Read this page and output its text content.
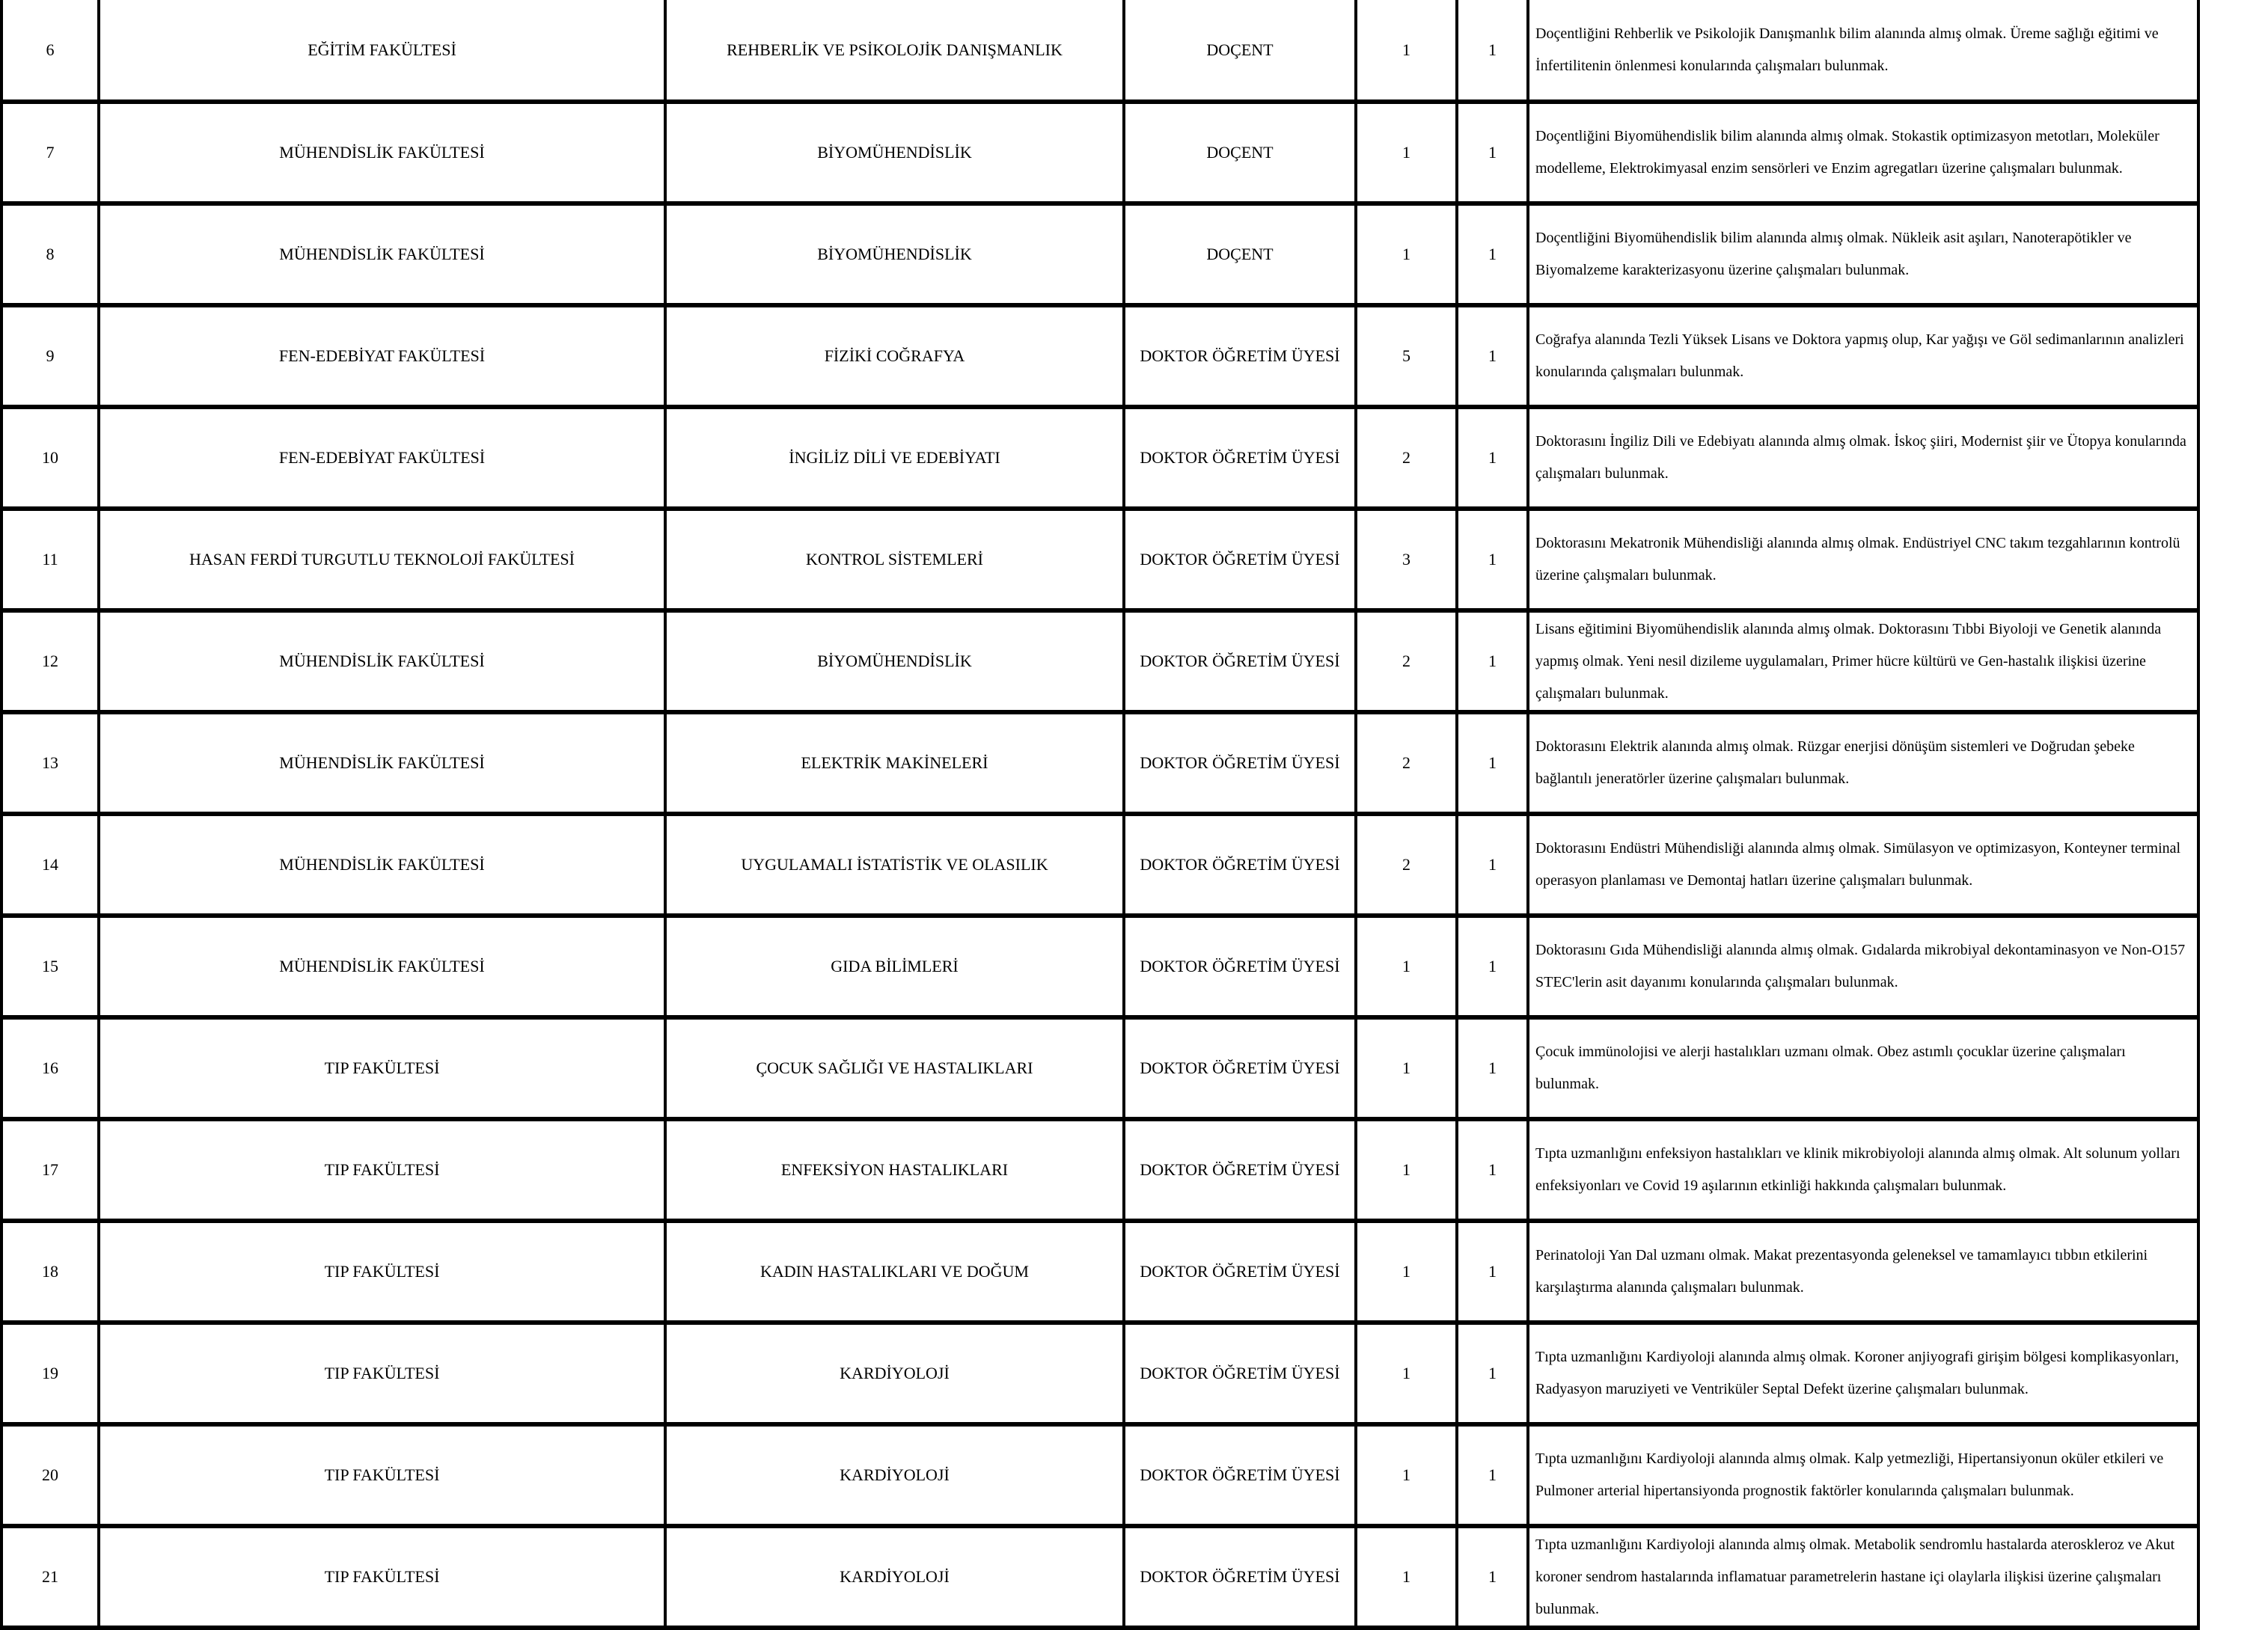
6	EĞİTİM FAKÜLTESİ	REHBERLİK VE PSİKOLOJİK DANIŞMANLIK	DOÇENT	1	1	Doçentliğini Rehberlik ve Psikolojik Danışmanlık bilim alanında almış olmak. Üreme sağlığı eğitimi ve İnfertilitenin önlenmesi konularında çalışmaları bulunmak.
7	MÜHENDİSLİK FAKÜLTESİ	BİYOMÜHENDİSLİK	DOÇENT	1	1	Doçentliğini Biyomühendislik bilim alanında almış olmak. Stokastik optimizasyon metotları, Moleküler modelleme, Elektrokimyasal enzim sensörleri ve Enzim agregatları üzerine çalışmaları bulunmak.
8	MÜHENDİSLİK FAKÜLTESİ	BİYOMÜHENDİSLİK	DOÇENT	1	1	Doçentliğini Biyomühendislik bilim alanında almış olmak. Nükleik asit aşıları, Nanoterapötikler ve Biyomalzeme karakterizasyonu üzerine çalışmaları bulunmak.
9	FEN-EDEBİYAT FAKÜLTESİ	FİZİKİ COĞRAFYA	DOKTOR ÖĞRETİM ÜYESİ	5	1	Coğrafya alanında Tezli Yüksek Lisans ve Doktora yapmış olup, Kar yağışı ve Göl sedimanlarının analizleri konularında çalışmaları bulunmak.
10	FEN-EDEBİYAT FAKÜLTESİ	İNGİLİZ DİLİ VE EDEBİYATI	DOKTOR ÖĞRETİM ÜYESİ	2	1	Doktorasını İngiliz Dili ve Edebiyatı alanında almış olmak. İskoç şiiri, Modernist şiir ve Ütopya konularında çalışmaları bulunmak.
11	HASAN FERDİ TURGUTLU TEKNOLOJİ FAKÜLTESİ	KONTROL SİSTEMLERİ	DOKTOR ÖĞRETİM ÜYESİ	3	1	Doktorasını Mekatronik Mühendisliği alanında almış olmak. Endüstriyel CNC takım tezgahlarının kontrolü üzerine çalışmaları bulunmak.
12	MÜHENDİSLİK FAKÜLTESİ	BİYOMÜHENDİSLİK	DOKTOR ÖĞRETİM ÜYESİ	2	1	Lisans eğitimini Biyomühendislik alanında almış olmak. Doktorasını Tıbbi Biyoloji ve Genetik alanında yapmış olmak. Yeni nesil dizileme uygulamaları, Primer hücre kültürü ve Gen-hastalık ilişkisi üzerine çalışmaları bulunmak.
13	MÜHENDİSLİK FAKÜLTESİ	ELEKTRİK MAKİNELERİ	DOKTOR ÖĞRETİM ÜYESİ	2	1	Doktorasını Elektrik alanında almış olmak. Rüzgar enerjisi dönüşüm sistemleri ve Doğrudan şebeke bağlantılı jeneratörler üzerine çalışmaları bulunmak.
14	MÜHENDİSLİK FAKÜLTESİ	UYGULAMALI İSTATİSTİK VE OLASILIK	DOKTOR ÖĞRETİM ÜYESİ	2	1	Doktorasını Endüstri Mühendisliği alanında almış olmak. Simülasyon ve optimizasyon, Konteyner terminal operasyon planlaması ve Demontaj hatları üzerine çalışmaları bulunmak.
15	MÜHENDİSLİK FAKÜLTESİ	GIDA BİLİMLERİ	DOKTOR ÖĞRETİM ÜYESİ	1	1	Doktorasını Gıda Mühendisliği alanında almış olmak. Gıdalarda mikrobiyal dekontaminasyon ve Non-O157 STEC'lerin asit dayanımı konularında çalışmaları bulunmak.
16	TIP FAKÜLTESİ	ÇOCUK SAĞLIĞI VE HASTALIKLARI	DOKTOR ÖĞRETİM ÜYESİ	1	1	Çocuk immünolojisi ve alerji hastalıkları uzmanı olmak. Obez astımlı çocuklar üzerine çalışmaları bulunmak.
17	TIP FAKÜLTESİ	ENFEKSİYON HASTALIKLARI	DOKTOR ÖĞRETİM ÜYESİ	1	1	Tıpta uzmanlığını enfeksiyon hastalıkları ve klinik mikrobiyoloji alanında almış olmak. Alt solunum yolları enfeksiyonları ve Covid 19 aşılarının etkinliği hakkında çalışmaları bulunmak.
18	TIP FAKÜLTESİ	KADIN HASTALIKLARI VE DOĞUM	DOKTOR ÖĞRETİM ÜYESİ	1	1	Perinatoloji Yan Dal uzmanı olmak. Makat prezentasyonda geleneksel ve tamamlayıcı tıbbın etkilerini karşılaştırma alanında çalışmaları bulunmak.
19	TIP FAKÜLTESİ	KARDİYOLOJİ	DOKTOR ÖĞRETİM ÜYESİ	1	1	Tıpta uzmanlığını Kardiyoloji alanında almış olmak. Koroner anjiyografi girişim bölgesi komplikasyonları, Radyasyon maruziyeti ve Ventriküler Septal Defekt üzerine çalışmaları bulunmak.
20	TIP FAKÜLTESİ	KARDİYOLOJİ	DOKTOR ÖĞRETİM ÜYESİ	1	1	Tıpta uzmanlığını Kardiyoloji alanında almış olmak. Kalp yetmezliği, Hipertansiyonun oküler etkileri ve Pulmoner arterial hipertansiyonda prognostik faktörler konularında çalışmaları bulunmak.
21	TIP FAKÜLTESİ	KARDİYOLOJİ	DOKTOR ÖĞRETİM ÜYESİ	1	1	Tıpta uzmanlığını Kardiyoloji alanında almış olmak. Metabolik sendromlu hastalarda ateroskleroz ve Akut koroner sendrom hastalarında inflamatuar parametrelerin hastane içi olaylarla ilişkisi üzerine çalışmaları bulunmak.
